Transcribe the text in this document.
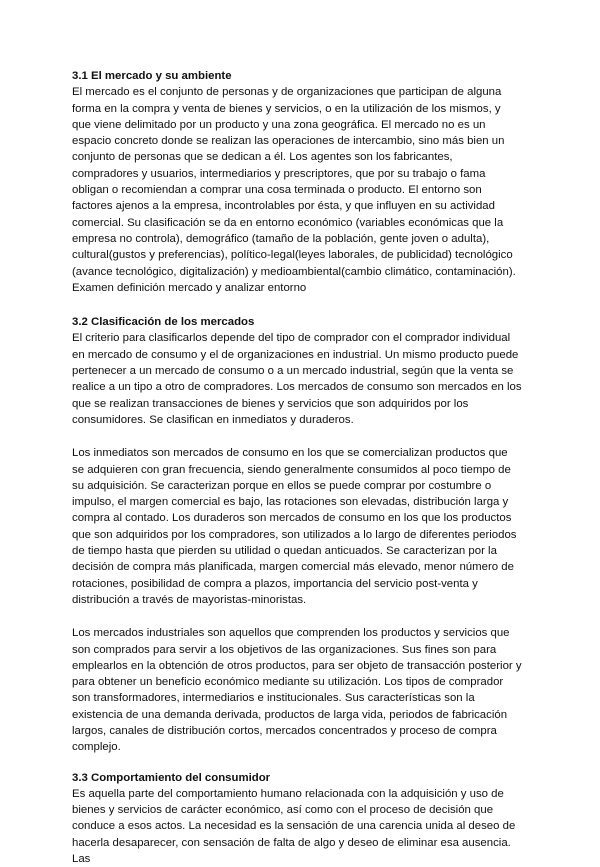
3.1 El mercado y su ambiente

El mercado es el conjunto de personas y de organizaciones que participan de alguna forma en la compra y venta de bienes y servicios, o en la utilización de los mismos, y que viene delimitado por un producto y una zona geográfica. El mercado no es un espacio concreto donde se realizan las operaciones de intercambio, sino más bien un conjunto de personas que se dedican a él. Los agentes son los fabricantes, compradores y usuarios, intermediarios y prescriptores, que por su trabajo o fama obligan o recomiendan a comprar una cosa terminada o producto. El entorno son factores ajenos a la empresa, incontrolables por ésta, y que influyen en su actividad comercial. Su clasificación se da en entorno económico (variables económicas que la empresa no controla), demográfico (tamaño de la población, gente joven o adulta), cultural(gustos y preferencias), político-legal(leyes laborales, de publicidad) tecnológico (avance tecnológico, digitalización) y medioambiental(cambio climático, contaminación). Examen definición mercado y analizar entorno

3.2 Clasificación de los mercados

El criterio para clasificarlos depende del tipo de comprador con el comprador individual en mercado de consumo y el de organizaciones en industrial. Un mismo producto puede pertenecer a un mercado de consumo o a un mercado industrial, según que la venta se realice a un tipo a otro de compradores. Los mercados de consumo son mercados en los que se realizan transacciones de bienes y servicios que son adquiridos por los consumidores. Se clasifican en inmediatos y duraderos.

Los inmediatos son mercados de consumo en los que se comercializan productos que se adquieren con gran frecuencia, siendo generalmente consumidos al poco tiempo de su adquisición. Se caracterizan porque en ellos se puede comprar por costumbre o impulso, el margen comercial es bajo, las rotaciones son elevadas, distribución larga y compra al contado. Los duraderos son mercados de consumo en los que los productos que son adquiridos por los compradores, son utilizados a lo largo de diferentes periodos de tiempo hasta que pierden su utilidad o quedan anticuados. Se caracterizan por la decisión de compra más planificada, margen comercial más elevado, menor número de rotaciones, posibilidad de compra a plazos, importancia del servicio post-venta y distribución a través de mayoristas-minoristas.

Los mercados industriales son aquellos que comprenden los productos y servicios que son comprados para servir a los objetivos de las organizaciones. Sus fines son para emplearlos en la obtención de otros productos, para ser objeto de transacción posterior y para obtener un beneficio económico mediante su utilización. Los tipos de comprador son transformadores, intermediarios e institucionales. Sus características son la existencia de una demanda derivada, productos de larga vida, periodos de fabricación largos, canales de distribución cortos, mercados concentrados y proceso de compra complejo.

3.3 Comportamiento del consumidor

Es aquella parte del comportamiento humano relacionada con la adquisición y uso de bienes y servicios de carácter económico, así como con el proceso de decisión que conduce a esos actos. La necesidad es la sensación de una carencia unida al deseo de hacerla desaparecer, con sensación de falta de algo y deseo de eliminar esa ausencia. Las
